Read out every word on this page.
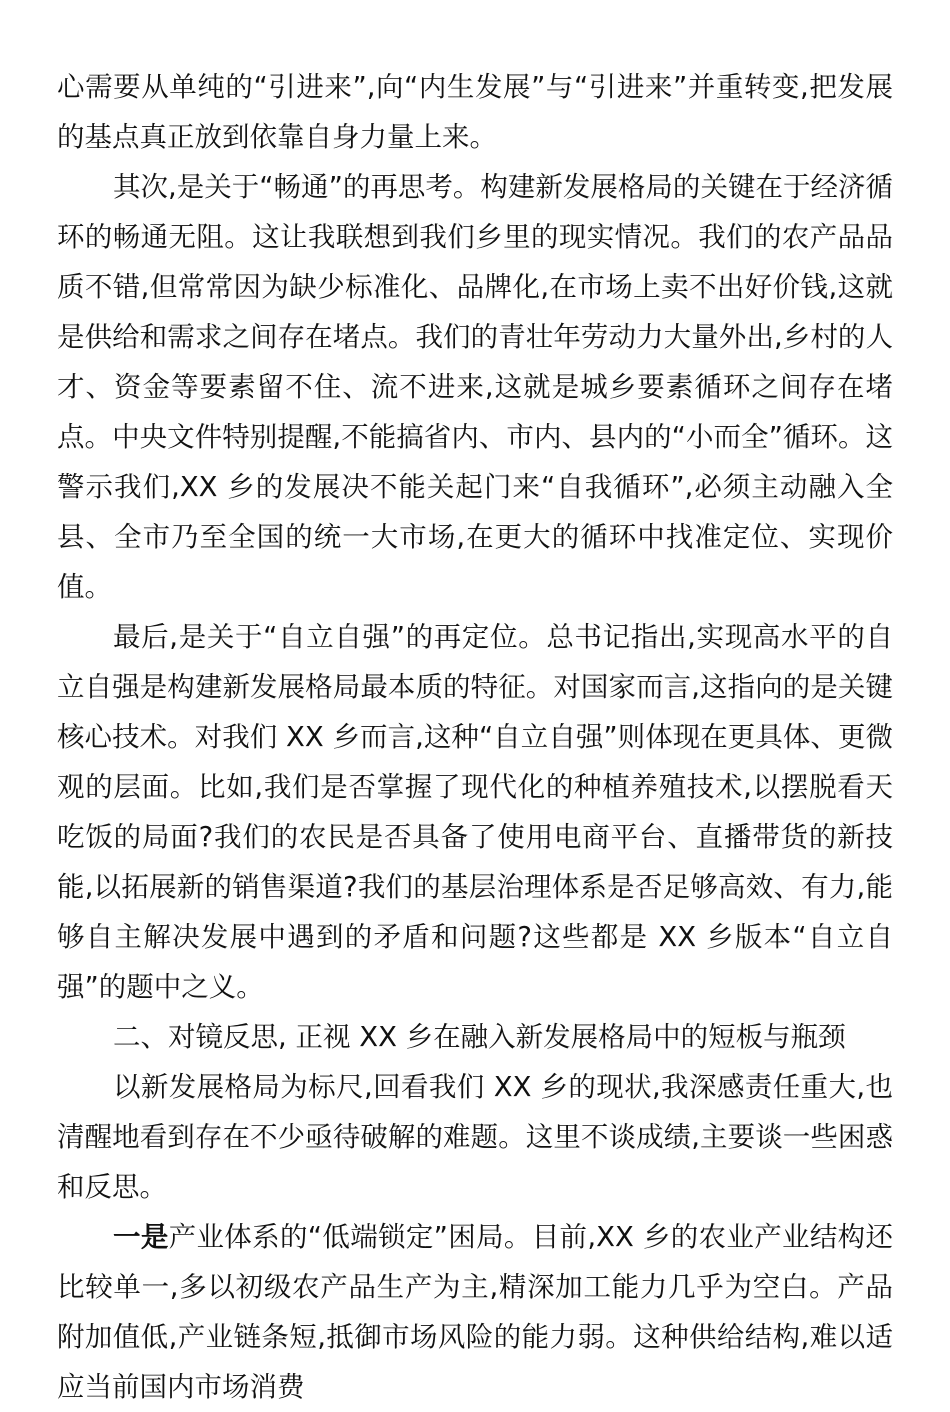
心需要从单纯的“引进来”,向“内生发展”与“引进来”并重转变,把发展的基点真正放到依靠自身力量上来。

其次,是关于“畅通”的再思考。构建新发展格局的关键在于经济循环的畅通无阻。这让我联想到我们乡里的现实情况。我们的农产品品质不错,但常常因为缺少标准化、品牌化,在市场上卖不出好价钱,这就是供给和需求之间存在堵点。我们的青壮年劳动力大量外出,乡村的人才、资金等要素留不住、流不进来,这就是城乡要素循环之间存在堵点。中央文件特别提醒,不能搞省内、市内、县内的“小而全”循环。这警示我们,XX 乡的发展决不能关起门来“自我循环”,必须主动融入全县、全市乃至全国的统一大市场,在更大的循环中找准定位、实现价值。

最后,是关于“自立自强”的再定位。总书记指出,实现高水平的自立自强是构建新发展格局最本质的特征。对国家而言,这指向的是关键核心技术。对我们 XX 乡而言,这种“自立自强”则体现在更具体、更微观的层面。比如,我们是否掌握了现代化的种植养殖技术,以摆脱看天吃饭的局面?我们的农民是否具备了使用电商平台、直播带货的新技能,以拓展新的销售渠道?我们的基层治理体系是否足够高效、有力,能够自主解决发展中遇到的矛盾和问题?这些都是 XX 乡版本“自立自强”的题中之义。

二、对镜反思, 正视 XX 乡在融入新发展格局中的短板与瓶颈

以新发展格局为标尺,回看我们 XX 乡的现状,我深感责任重大,也清醒地看到存在不少亟待破解的难题。这里不谈成绩,主要谈一些困惑和反思。

一是产业体系的“低端锁定”困局。目前,XX 乡的农业产业结构还比较单一,多以初级农产品生产为主,精深加工能力几乎为空白。产品附加值低,产业链条短,抵御市场风险的能力弱。这种供给结构,难以适应当前国内市场消费
